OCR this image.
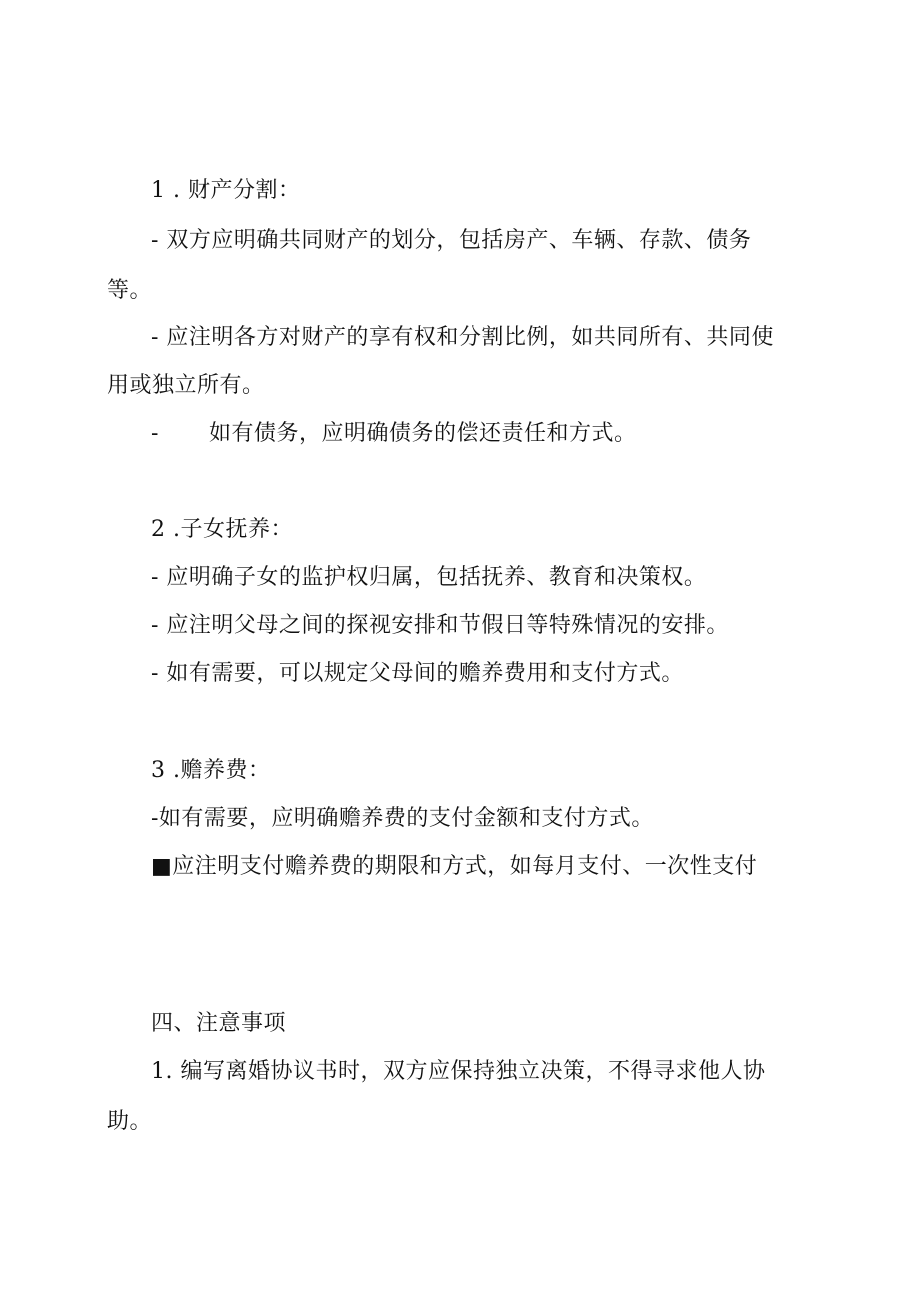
1 . 财产分割：
- 双方应明确共同财产的划分，包括房产、车辆、存款、债务
等。
- 应注明各方对财产的享有权和分割比例，如共同所有、共同使
用或独立所有。
- 如有债务，应明确债务的偿还责任和方式。
2 .子女抚养：
- 应明确子女的监护权归属，包括抚养、教育和决策权。
- 应注明父母之间的探视安排和节假日等特殊情况的安排。
- 如有需要，可以规定父母间的赡养费用和支付方式。
3 .赡养费：
-如有需要，应明确赡养费的支付金额和支付方式。
■应注明支付赡养费的期限和方式，如每月支付、一次性支付
四、注意事项
1. 编写离婚协议书时，双方应保持独立决策，不得寻求他人协
助。
